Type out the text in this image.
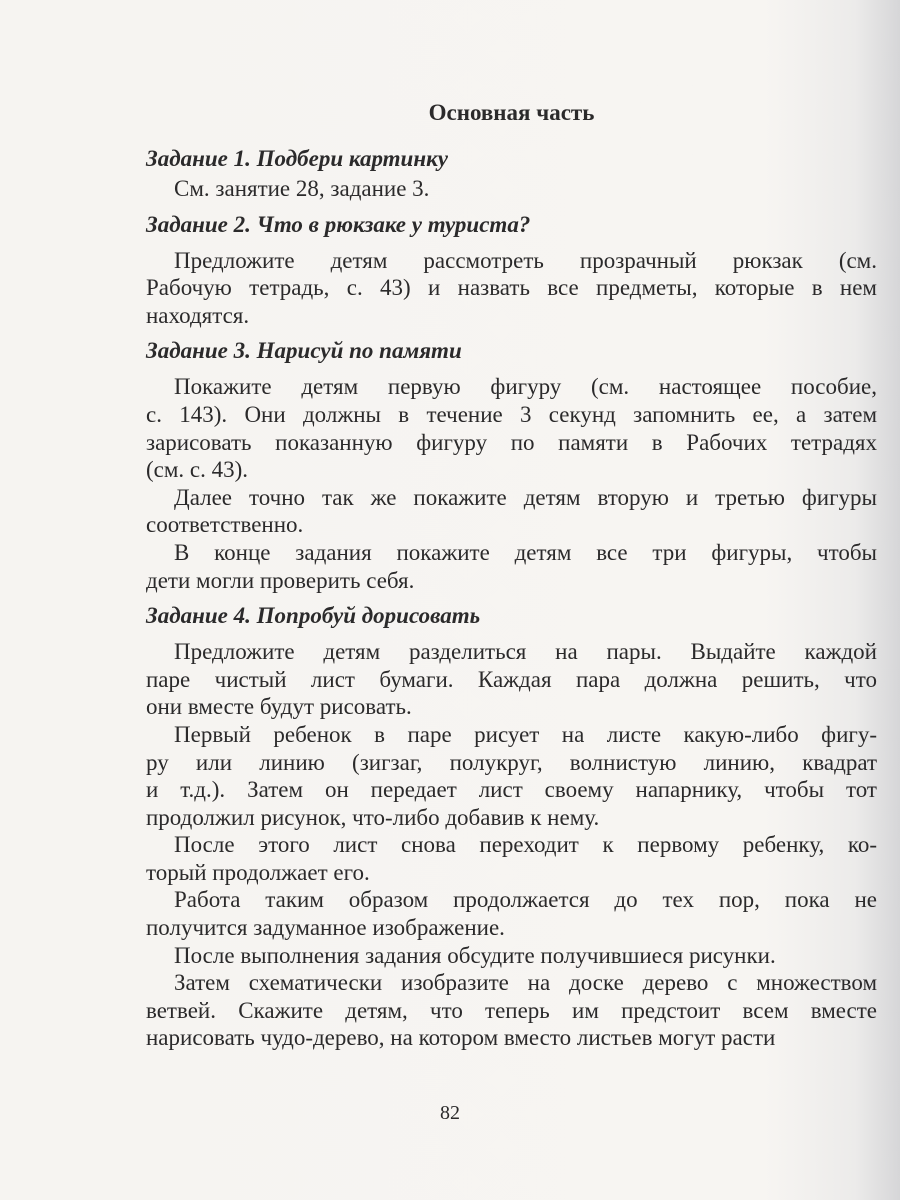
Основная часть
Задание 1. Подбери картинку
См. занятие 28, задание 3.
Задание 2. Что в рюкзаке у туриста?
Предложите детям рассмотреть прозрачный рюкзак (см.
Рабочую тетрадь, с. 43) и назвать все предметы, которые в нем
находятся.
Задание 3. Нарисуй по памяти
Покажите детям первую фигуру (см. настоящее пособие,
с. 143). Они должны в течение 3 секунд запомнить ее, а затем
зарисовать показанную фигуру по памяти в Рабочих тетрадях
(см. с. 43).
Далее точно так же покажите детям вторую и третью фигуры
соответственно.
В конце задания покажите детям все три фигуры, чтобы
дети могли проверить себя.
Задание 4. Попробуй дорисовать
Предложите детям разделиться на пары. Выдайте каждой
паре чистый лист бумаги. Каждая пара должна решить, что
они вместе будут рисовать.
Первый ребенок в паре рисует на листе какую-либо фигу-
ру или линию (зигзаг, полукруг, волнистую линию, квадрат
и т.д.). Затем он передает лист своему напарнику, чтобы тот
продолжил рисунок, что-либо добавив к нему.
После этого лист снова переходит к первому ребенку, ко-
торый продолжает его.
Работа таким образом продолжается до тех пор, пока не
получится задуманное изображение.
После выполнения задания обсудите получившиеся рисунки.
Затем схематически изобразите на доске дерево с множеством
ветвей. Скажите детям, что теперь им предстоит всем вместе
нарисовать чудо-дерево, на котором вместо листьев могут расти
82
